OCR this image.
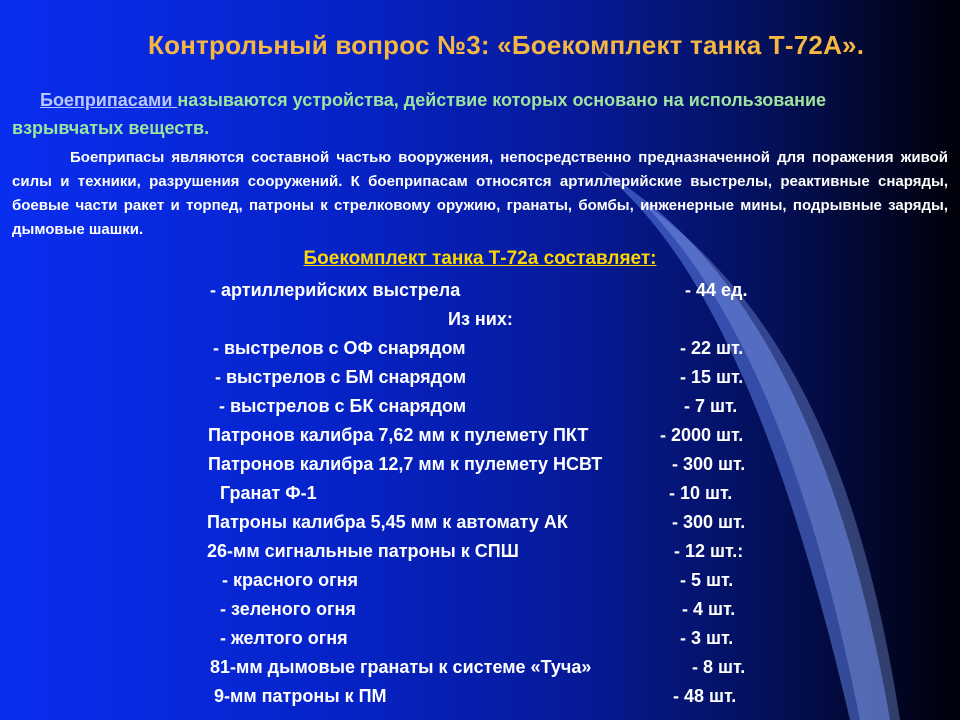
Контрольный вопрос №3: «Боекомплект танка Т-72А».
Боеприпасами называются устройства, действие которых основано на использование взрывчатых веществ.
Боеприпасы являются составной частью вооружения, непосредственно предназначенной для поражения живой силы и техники, разрушения сооружений. К боеприпасам относятся артиллерийские выстрелы, реактивные снаряды, боевые части ракет и торпед, патроны к стрелковому оружию, гранаты, бомбы, инженерные мины, подрывные заряды, дымовые шашки.
Боекомплект танка Т-72а составляет:
- артиллерийских выстрела	- 44 ед.
Из них:
- выстрелов с ОФ снарядом	- 22 шт.
- выстрелов с БМ снарядом	- 15 шт.
- выстрелов с БК снарядом	- 7 шт.
Патронов калибра 7,62 мм к пулемету ПКТ	- 2000 шт.
Патронов калибра 12,7 мм к пулемету НСВТ	- 300 шт.
Гранат Ф-1	- 10 шт.
Патроны калибра 5,45 мм к автомату АК	- 300 шт.
26-мм сигнальные патроны к СПШ	- 12 шт.:
- красного огня	- 5 шт.
- зеленого огня	- 4 шт.
- желтого огня	- 3 шт.
81-мм дымовые гранаты к системе «Туча»	- 8 шт.
9-мм патроны к ПМ	- 48 шт.
